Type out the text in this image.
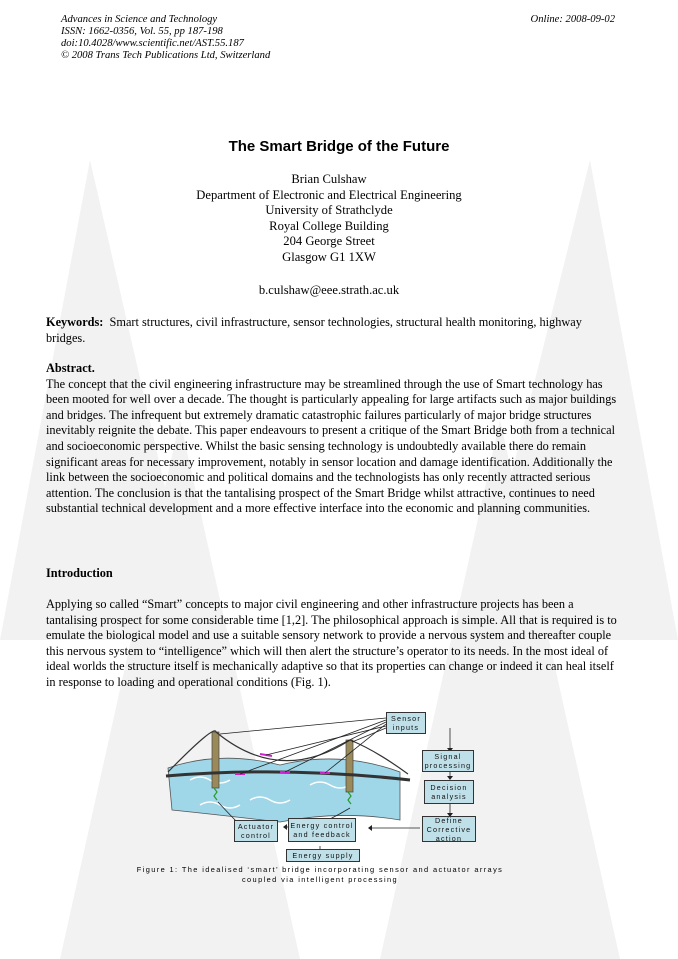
Advances in Science and Technology
ISSN: 1662-0356, Vol. 55, pp 187-198
doi:10.4028/www.scientific.net/AST.55.187
© 2008 Trans Tech Publications Ltd, Switzerland
Online: 2008-09-02
The Smart Bridge of the Future
Brian Culshaw
Department of Electronic and Electrical Engineering
University of Strathclyde
Royal College Building
204 George Street
Glasgow G1 1XW
b.culshaw@eee.strath.ac.uk
Keywords: Smart structures, civil infrastructure, sensor technologies, structural health monitoring, highway bridges.
Abstract.
The concept that the civil engineering infrastructure may be streamlined through the use of Smart technology has been mooted for well over a decade. The thought is particularly appealing for large artifacts such as major buildings and bridges. The infrequent but extremely dramatic catastrophic failures particularly of major bridge structures inevitably reignite the debate. This paper endeavours to present a critique of the Smart Bridge both from a technical and socioeconomic perspective. Whilst the basic sensing technology is undoubtedly available there do remain significant areas for necessary improvement, notably in sensor location and damage identification. Additionally the link between the socioeconomic and political domains and the technologists has only recently attracted serious attention. The conclusion is that the tantalising prospect of the Smart Bridge whilst attractive, continues to need substantial technical development and a more effective interface into the economic and planning communities.
Introduction
Applying so called “Smart” concepts to major civil engineering and other infrastructure projects has been a tantalising prospect for some considerable time [1,2]. The philosophical approach is simple. All that is required is to emulate the biological model and use a suitable sensory network to provide a nervous system and thereafter couple this nervous system to “intelligence” which will then alert the structure’s operator to its needs. In the most ideal of ideal worlds the structure itself is mechanically adaptive so that its properties can change or indeed it can heal itself in response to loading and operational conditions (Fig. 1).
Sensor inputs
Signal processing
Decision analysis
Define Corrective action
Actuator control
Energy control and feedback
Energy supply
Figure 1: The idealised ‘smart’ bridge incorporating sensor and actuator arrays coupled via intelligent processing
